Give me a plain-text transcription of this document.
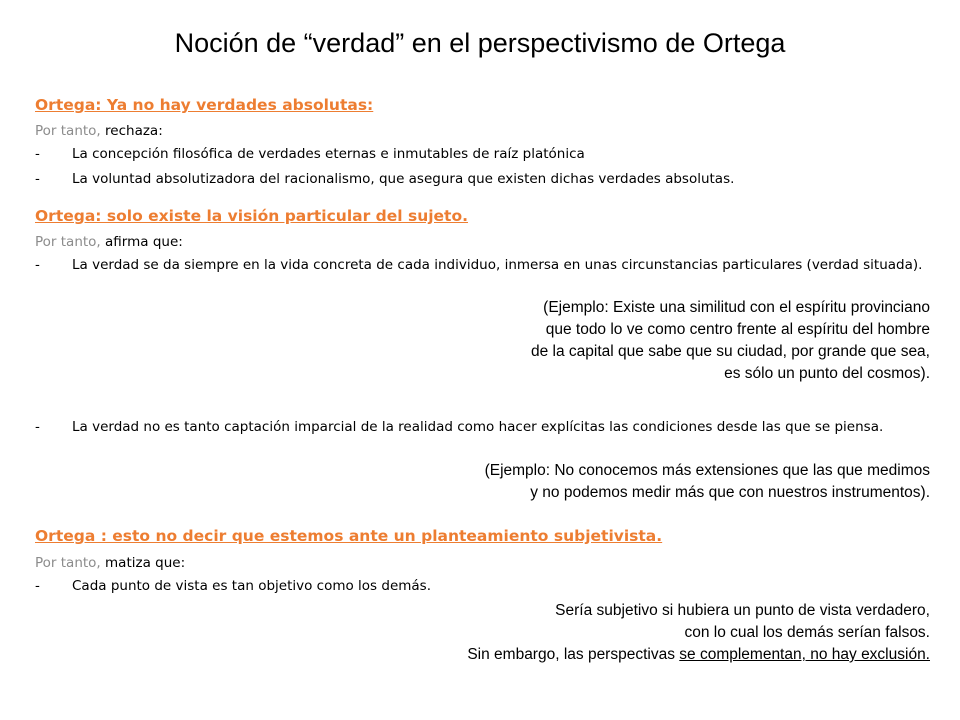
Noción de “verdad” en el perspectivismo de Ortega
Ortega: Ya no hay verdades absolutas:
Por tanto, rechaza:
- La concepción filosófica de verdades eternas e inmutables de raíz platónica
- La voluntad absolutizadora del racionalismo, que asegura que existen dichas verdades absolutas.
Ortega: solo existe la visión particular del sujeto.
Por tanto, afirma que:
- La verdad se da siempre en la vida concreta de cada individuo, inmersa en unas circunstancias particulares (verdad situada).
(Ejemplo: Existe una similitud con el espíritu provinciano
que todo lo ve como centro frente al espíritu del hombre
de la capital que sabe que su ciudad, por grande que sea,
es sólo un punto del cosmos).
- La verdad no es tanto captación imparcial de la realidad como hacer explícitas las condiciones desde las que se piensa.
(Ejemplo: No conocemos más extensiones que las que medimos
y no podemos medir más que con nuestros instrumentos).
Ortega : esto no decir que estemos ante un planteamiento subjetivista.
Por tanto, matiza que:
- Cada punto de vista es tan objetivo como los demás.
Sería subjetivo si hubiera un punto de vista verdadero,
con lo cual los demás serían falsos.
Sin embargo, las perspectivas se complementan, no hay exclusión.
